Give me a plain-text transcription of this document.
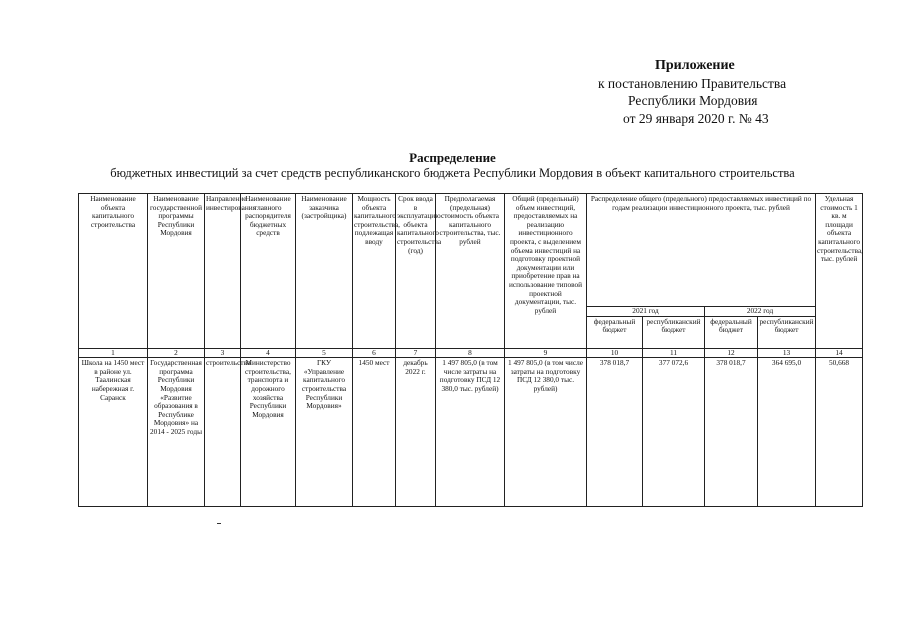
Приложение
к постановлению Правительства
Республики Мордовия
от 29 января 2020 г. № 43
Распределение
бюджетных инвестиций за счет средств республиканского бюджета Республики Мордовия в объект капитального строительства
Наименование объекта капитального строительства	Наименование государственной программы Республики Мордовия	Направление инвестирования	Наименование главного распорядителя бюджетных средств	Наименование заказчика (застройщика)	Мощность объекта капитального строительства, подлежащая вводу	Срок ввода в эксплуатацию объекта капитального строительства (год)	Предполагаемая (предельная) стоимость объекта капитального строительства, тыс. рублей	Общий (предельный) объем инвестиций, предоставляемых на реализацию инвестиционного проекта, с выделением объема инвестиций на подготовку проектной документации или приобретение прав на использование типовой проектной документации, тыс. рублей	Распределение общего (предельного) предоставляемых инвестиций по годам реализации инвестиционного проекта, тыс. рублей				Удельная стоимость 1 кв. м площади объекта капитального строительства, тыс. рублей
									2021 год		2022 год		
									федеральный бюджет	республиканский бюджет	федеральный бюджет	республиканский бюджет	
1	2	3	4	5	6	7	8	9	10	11	12	13	14
Школа на 1450 мест в районе ул. Таалинская набережная г. Саранск	Государственная программа Республики Мордовия «Развитие образования в Республике Мордовия» на 2014 - 2025 годы	строительство	Министерство строительства, транспорта и дорожного хозяйства Республики Мордовия	ГКУ «Управление капитального строительства Республики Мордовия»	1450 мест	декабрь 2022 г.	1 497 805,0 (в том числе затраты на подготовку ПСД 12 380,0 тыс. рублей)	1 497 805,0 (в том числе затраты на подготовку ПСД 12 380,0 тыс. рублей)	378 018,7	377 072,6	378 018,7	364 695,0	50,668
